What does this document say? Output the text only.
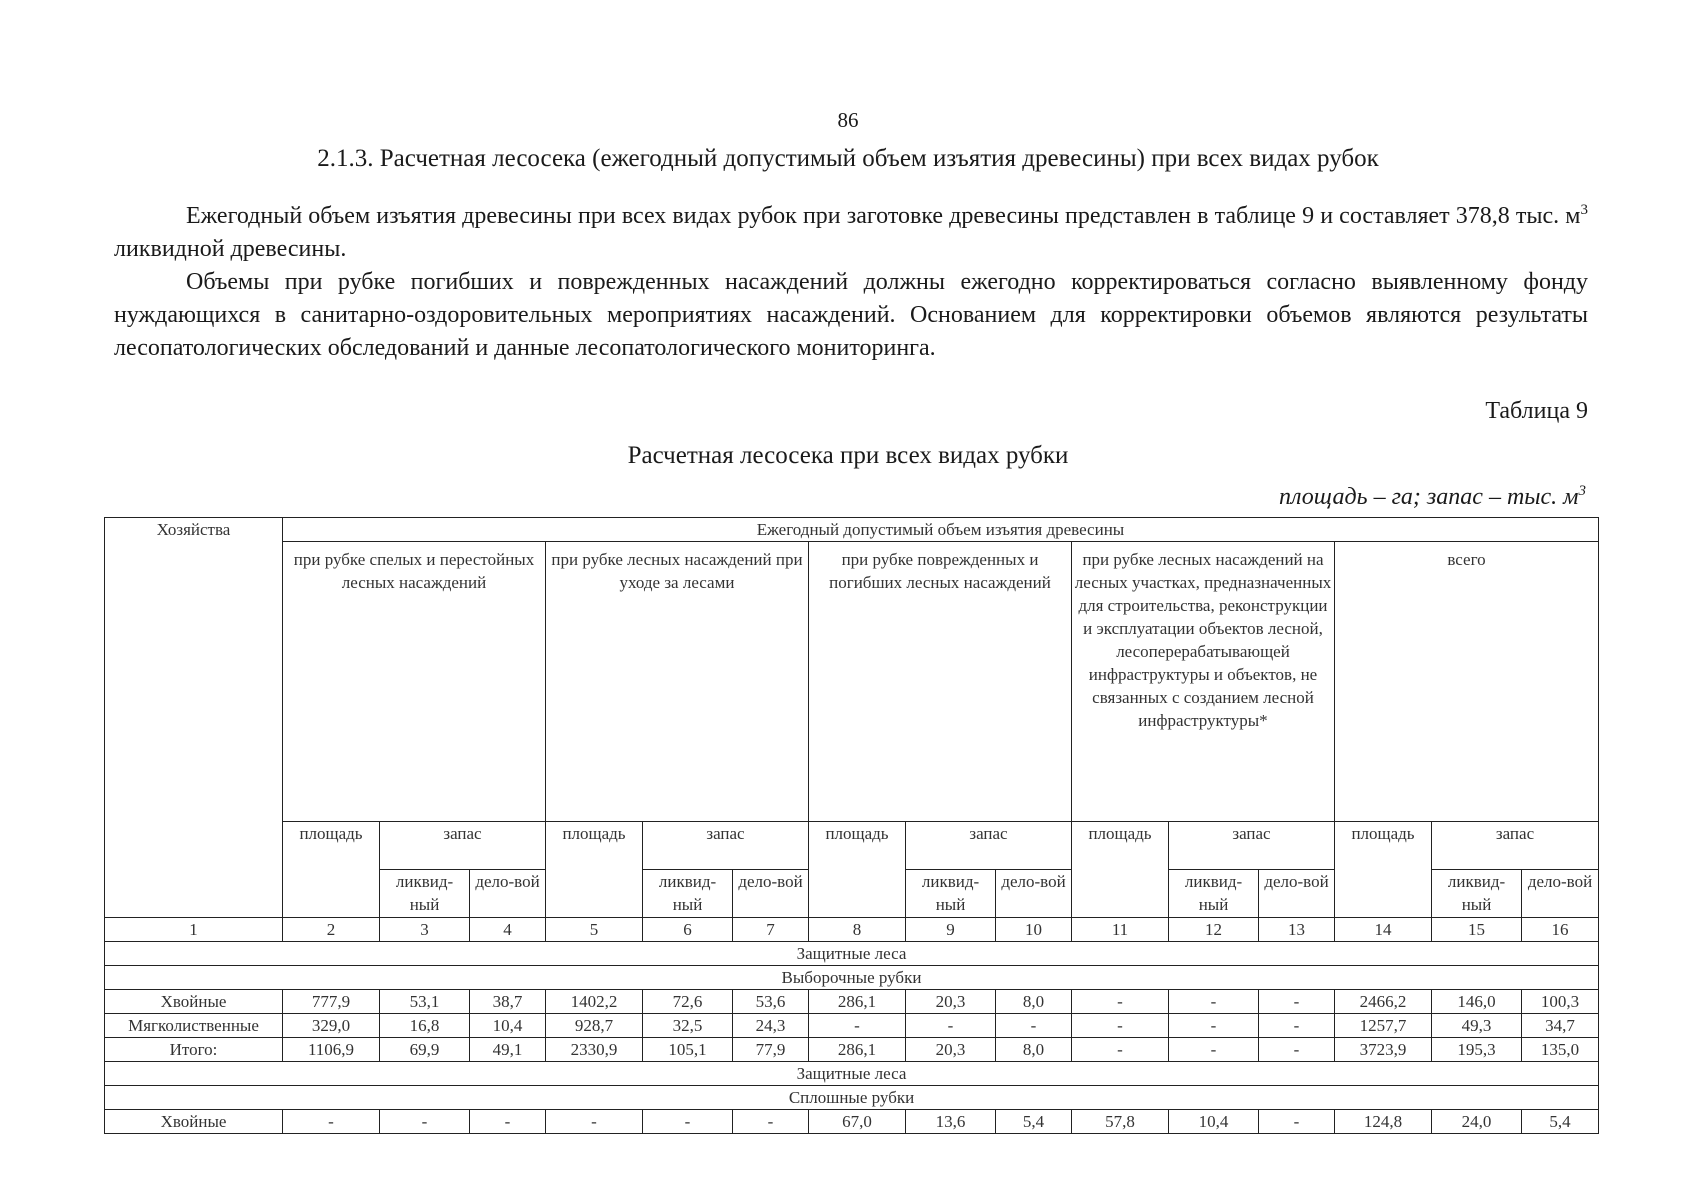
86
2.1.3. Расчетная лесосека (ежегодный допустимый объем изъятия древесины) при всех видах рубок

Ежегодный объем изъятия древесины при всех видах рубок при заготовке древесины представлен в таблице 9 и составляет 378,8 тыс. $м^3$ ликвидной древесины.

Объемы при рубке погибших и поврежденных насаждений должны ежегодно корректироваться согласно выявленному фонду нуждающихся в санитарно-оздоровительных мероприятиях насаждений. Основанием для корректировки объемов являются результаты лесопатологических обследований и данные лесопатологического мониторинга.

Таблица 9
Расчетная лесосека при всех видах рубки
площадь – га; запас – тыс. $м^3$
Хозяйства	Ежегодный допустимый объем изъятия древесины														
	при рубке спелых и перестойных лесных насаждений			при рубке лесных насаждений при уходе за лесами			при рубке поврежденных и погибших лесных насаждений			при рубке лесных насаждений на лесных участках, предназначенных для строительства, реконструкции и эксплуатации объектов лесной, лесоперерабатывающей инфраструктуры и объектов, не связанных с созданием лесной инфраструктуры*			всего		
	площадь	запас		площадь	запас		площадь	запас		площадь	запас		площадь	запас	
		ликвид-ный	дело-вой		ликвид-ный	дело-вой		ликвид-ный	дело-вой		ликвид-ный	дело-вой		ликвид-ный	дело-вой
1	2	3	4	5	6	7	8	9	10	11	12	13	14	15	16
Защитные леса															
Выборочные рубки															
Хвойные	777,9	53,1	38,7	1402,2	72,6	53,6	286,1	20,3	8,0	-	-	-	2466,2	146,0	100,3
Мягколиственные	329,0	16,8	10,4	928,7	32,5	24,3	-	-	-	-	-	-	1257,7	49,3	34,7
Итого:	1106,9	69,9	49,1	2330,9	105,1	77,9	286,1	20,3	8,0	-	-	-	3723,9	195,3	135,0
Защитные леса															
Сплошные рубки															
Хвойные	-	-	-	-	-	-	67,0	13,6	5,4	57,8	10,4	-	124,8	24,0	5,4
